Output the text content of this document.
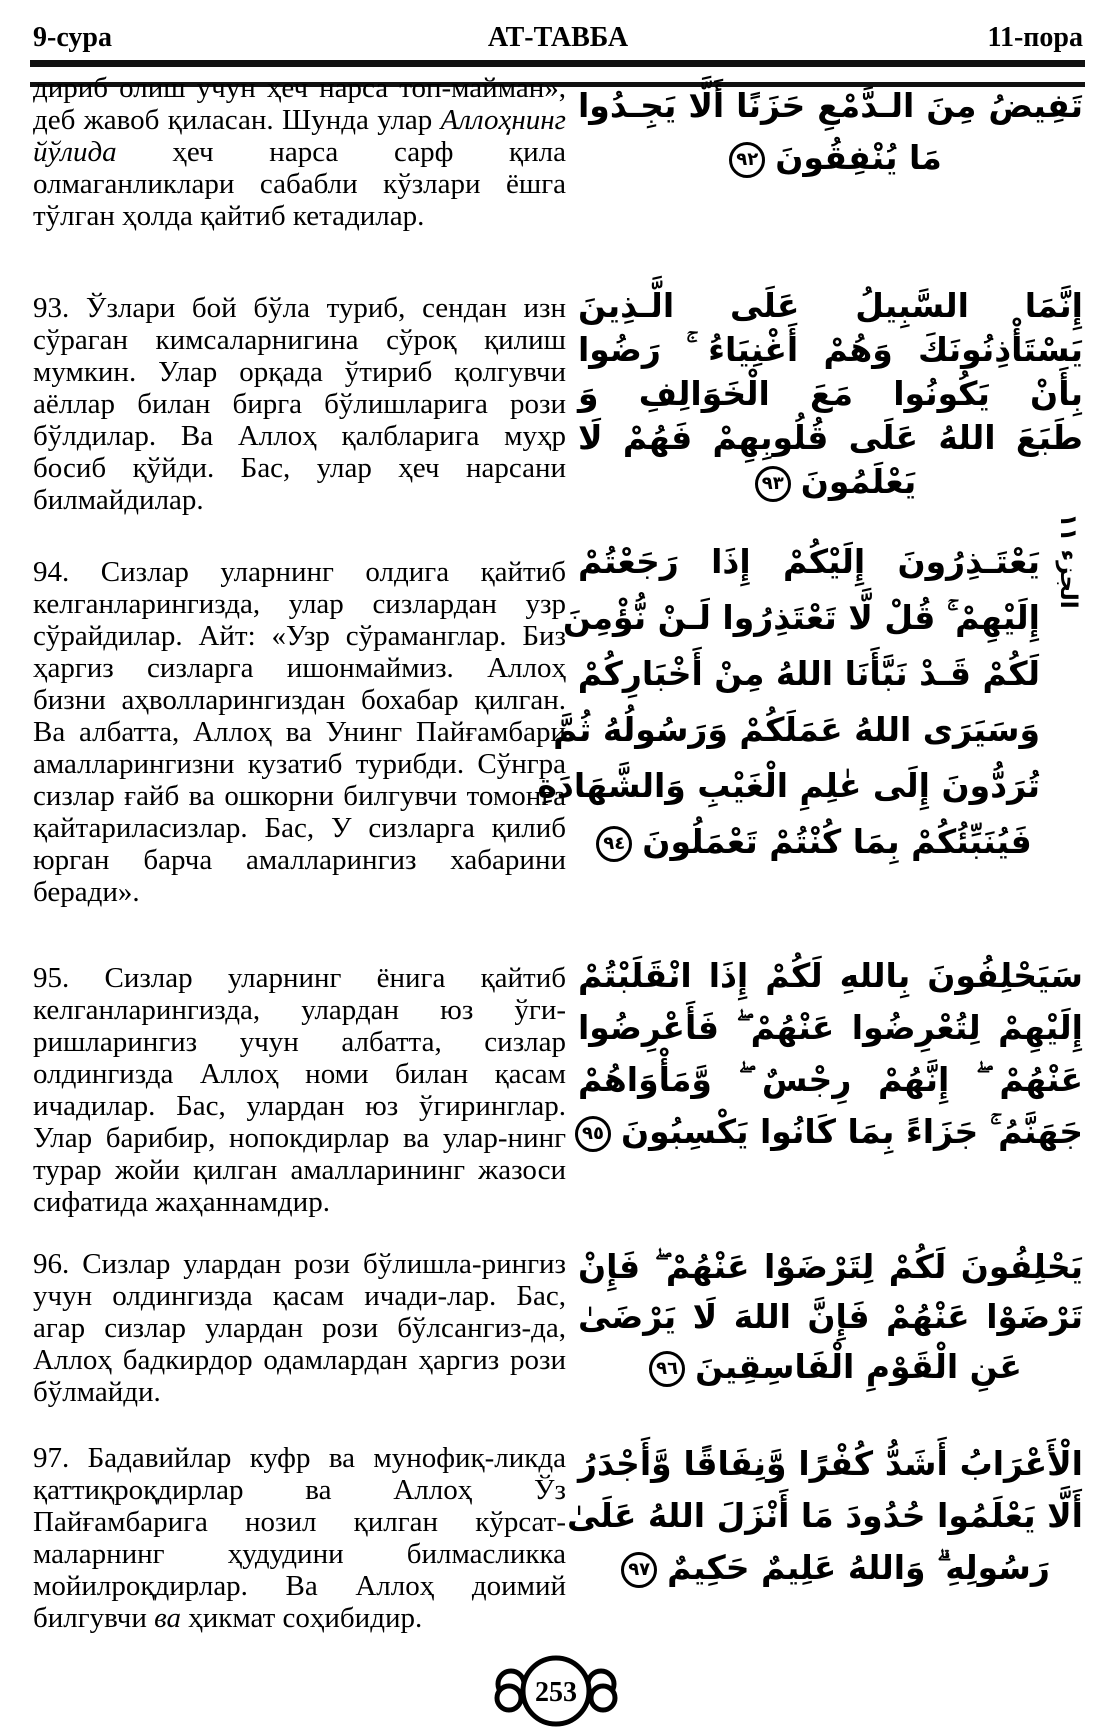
9-сура	АТ-ТАВБА	11-пора
дириб олиш учун ҳеч нарса топ-майман», деб жавоб қиласан. Шунда улар Аллоҳнинг йўлида ҳеч нарса сарф қила олмаганликлари сабабли кўзлари ёшга тўлган ҳолда қайтиб кетадилар.
93. Ўзлари бой бўла туриб, сендан изн сўраган кимсаларнигина сўроқ қилиш мумкин. Улар орқада ўтириб қолгувчи аёллар билан бирга бўлишларига рози бўлдилар. Ва Аллоҳ қалбларига муҳр босиб қўйди. Бас, улар ҳеч нарсани билмайдилар.
94. Сизлар уларнинг олдига қайтиб келганларингизда, улар сизлардан узр сўрайдилар. Айт: «Узр сўраманглар. Биз ҳаргиз сизларга ишонмаймиз. Аллоҳ бизни аҳволларингиздан бохабар қилган. Ва албатта, Аллоҳ ва Унинг Пайғамбари амалларингизни кузатиб турибди. Сўнгра сизлар ғайб ва ошкорни билгувчи томонга қайтариласизлар. Бас, У сизларга қилиб юрган барча амалларингиз хабарини беради».
95. Сизлар уларнинг ёнига қайтиб келганларингизда, улардан юз ўги-ришларингиз учун албатта, сизлар олдингизда Аллоҳ номи билан қасам ичадилар. Бас, улардан юз ўгиринглар. Улар барибир, нопокдирлар ва улар-нинг турар жойи қилган амалларининг жазоси сифатида жаҳаннамдир.
96. Сизлар улардан рози бўлишла-рингиз учун олдингизда қасам ичади-лар. Бас, агар сизлар улардан рози бўлсангиз-да, Аллоҳ бадкирдор одамлардан ҳаргиз рози бўлмайди.
97. Бадавийлар куфр ва мунофиқ-ликда қаттиқроқдирлар ва Аллоҳ Ўз Пайғамбарига нозил қилган кўрсат-маларнинг ҳудудини билмасликка мойилроқдирлар. Ва Аллоҳ доимий билгувчи ва ҳикмат соҳибидир.
تَفِيضُ مِنَ الـدَّمْعِ حَزَنًا أَلَّا يَجِـدُوا
مَا يُنْفِقُونَ٩٢
إِنَّمَا السَّبِيلُ عَلَى الَّـذِينَ
يَسْتَأْذِنُونَكَ وَهُمْ أَغْنِيَاءُ ۚ رَضُوا
بِأَنْ يَكُونُوا مَعَ الْخَوَالِفِ وَ
طَبَعَ اللهُ عَلَى قُلُوبِهِمْ فَهُمْ لَا
يَعْلَمُونَ٩٣
يَعْتَـذِرُونَ إِلَيْكُمْ إِذَا رَجَعْتُمْ
إِلَيْهِمْ ۚ قُلْ لَّا تَعْتَذِرُوا لَـنْ نُّؤْمِنَ
لَكُمْ قَـدْ نَبَّأَنَا اللهُ مِنْ أَخْبَارِكُمْ
وَسَيَرَى اللهُ عَمَلَكُمْ وَرَسُولُهُ ثُمَّ
تُرَدُّونَ إِلَى عٰلِمِ الْغَيْبِ وَالشَّهَادَةِ
فَيُنَبِّئُكُمْ بِمَا كُنْتُمْ تَعْمَلُونَ٩٤
سَيَحْلِفُونَ بِاللهِ لَكُمْ إِذَا انْقَلَبْتُمْ
إِلَيْهِمْ لِتُعْرِضُوا عَنْهُمْ ۖ فَأَعْرِضُوا
عَنْهُمْ ۖ إِنَّهُمْ رِجْسٌ ۖ وَّمَأْوَاهُمْ
جَهَنَّمُ ۚ جَزَاءً بِمَا كَانُوا يَكْسِبُونَ٩٥
يَحْلِفُونَ لَكُمْ لِتَرْضَوْا عَنْهُمْ ۖ فَإِنْ
تَرْضَوْا عَنْهُمْ فَإِنَّ اللهَ لَا يَرْضَىٰ
عَنِ الْقَوْمِ الْفَاسِقِينَ٩٦
الْأَعْرَابُ أَشَدُّ كُفْرًا وَّنِفَاقًا وَّأَجْدَرُ
أَلَّا يَعْلَمُوا حُدُودَ مَا أَنْزَلَ اللهُ عَلَىٰ
رَسُولِهِ ۗ وَاللهُ عَلِيمٌ حَكِيمٌ٩٧
الجزء ١١
253
